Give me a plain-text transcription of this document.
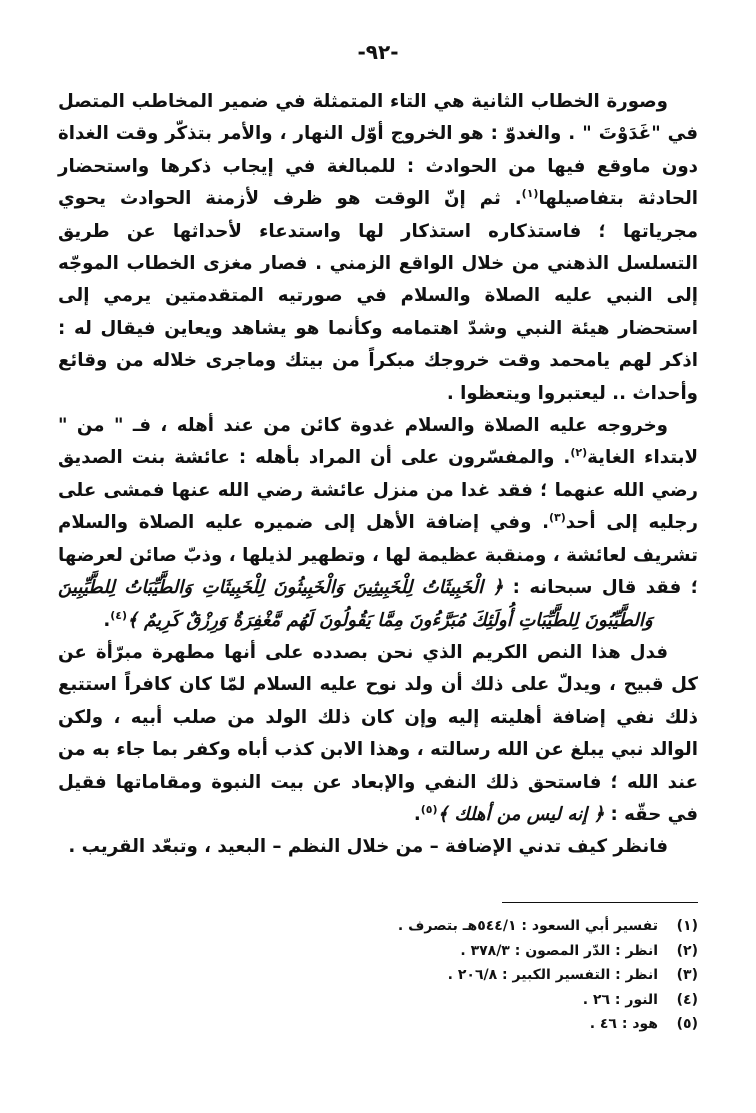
-٩٢-

وصورة الخطاب الثانية هي التاء المتمثلة في ضمير المخاطب المتصل في "غَدَوْتَ " . والغدوّ : هو الخروج أوّل النهار ، والأمر بتذكّر وقت الغداة دون ماوقع فيها من الحوادث : للمبالغة في إيجاب ذكرها واستحضار الحادثة بتفاصيلها$^{(١)}$. ثم إنّ الوقت هو ظرف لأزمنة الحوادث يحوي مجرياتها ؛ فاستذكاره استذكار لها واستدعاء لأحداثها عن طريق التسلسل الذهني من خلال الواقع الزمني . فصار مغزى الخطاب الموجّه إلى النبي عليه الصلاة والسلام في صورتيه المتقدمتين يرمي إلى استحضار هيئة النبي وشدّ اهتمامه وكأنما هو يشاهد ويعاين فيقال له : اذكر لهم يامحمد وقت خروجك مبكراً من بيتك وماجرى خلاله من وقائع وأحداث .. ليعتبروا ويتعظوا .

وخروجه عليه الصلاة والسلام غدوة كائن من عند أهله ، فـ " من " لابتداء الغاية$^{(٢)}$. والمفسّرون على أن المراد بأهله : عائشة بنت الصديق رضي الله عنهما ؛ فقد غدا من منزل عائشة رضي الله عنها فمشى على رجليه إلى أحد$^{(٣)}$. وفي إضافة الأهل إلى ضميره عليه الصلاة والسلام تشريف لعائشة ، ومنقبة عظيمة لها ، وتطهير لذيلها ، وذبّ صائن لعرضها ؛ فقد قال سبحانه : ﴿ الْخَبِيثَاتُ لِلْخَبِيثِينَ وَالْخَبِيثُونَ لِلْخَبِيثَاتِ وَالطَّيِّبَاتُ لِلطَّيِّبِينَ وَالطَّيِّبُونَ لِلطَّيِّبَاتِ أُولَئِكَ مُبَرَّءُونَ مِمَّا يَقُولُونَ لَهُم مَّغْفِرَةٌ وَرِزْقٌ كَرِيمٌ ﴾$^{(٤)}$.

فدل هذا النص الكريم الذي نحن بصدده على أنها مطهرة مبرّأة عن كل قبيح ، ويدلّ على ذلك أن ولد نوح عليه السلام لمّا كان كافراً استتبع ذلك نفي إضافة أهليته إليه وإن كان ذلك الولد من صلب أبيه ، ولكن الوالد نبي يبلغ عن الله رسالته ، وهذا الابن كذب أباه وكفر بما جاء به من عند الله ؛ فاستحق ذلك النفي والإبعاد عن بيت النبوة ومقاماتها فقيل في حقّه : ﴿ إنه ليس من أهلك ﴾$^{(٥)}$.

فانظر كيف تدني الإضافة – من خلال النظم – البعيد ، وتبعّد القريب .

(١)تفسير أبي السعود : ٥٤٤/١هـ بتصرف .
(٢)انظر : الدّر المصون : ٣٧٨/٣ .
(٣)انظر : التفسير الكبير : ٢٠٦/٨ .
(٤)النور : ٢٦ .
(٥)هود : ٤٦ .
